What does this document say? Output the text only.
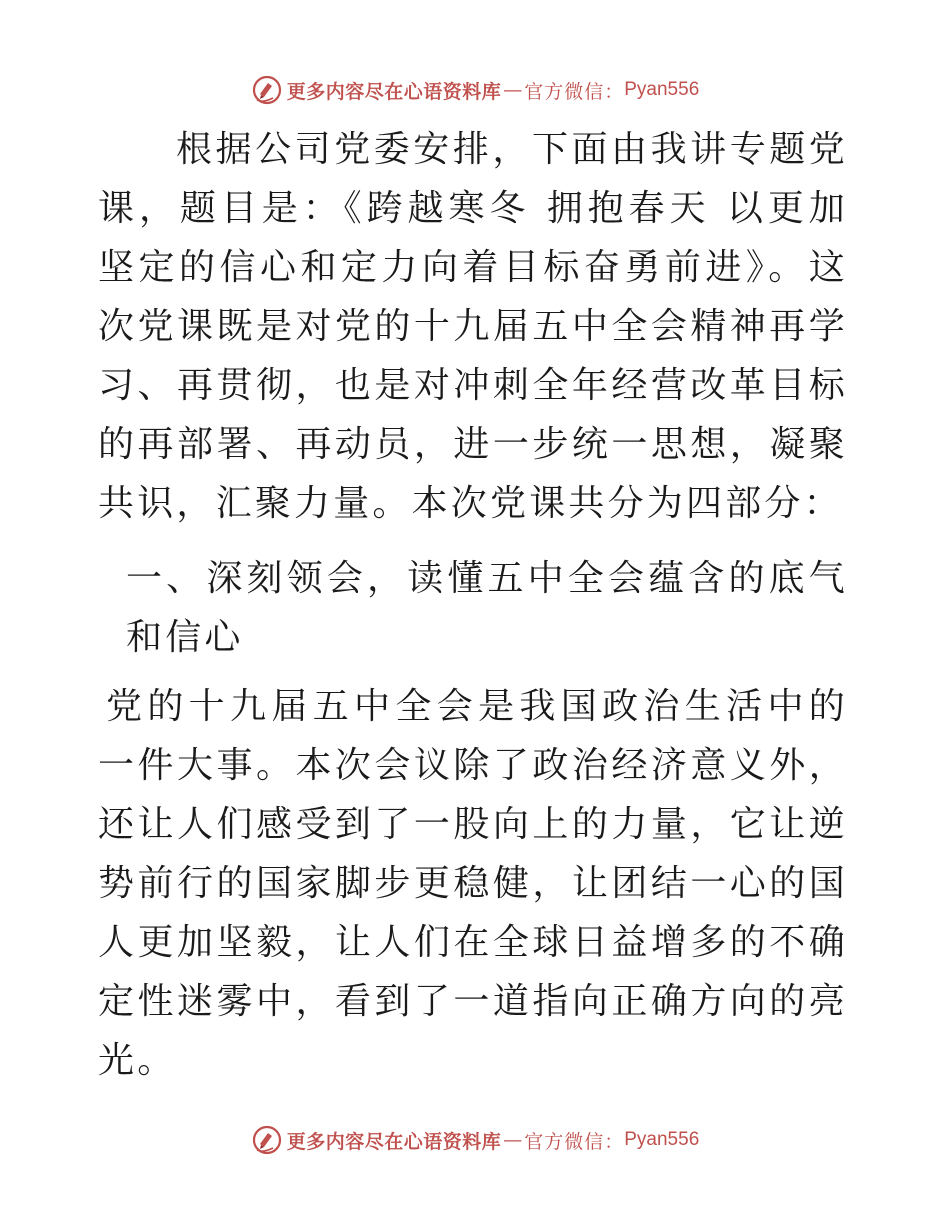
更多内容尽在心语资料库 — 官方微信： Pyan556

根据公司党委安排，下面由我讲专题党课，题目是：《跨越寒冬 拥抱春天 以更加坚定的信心和定力向着目标奋勇前进》。这次党课既是对党的十九届五中全会精神再学习、再贯彻，也是对冲刺全年经营改革目标的再部署、再动员，进一步统一思想，凝聚共识，汇聚力量。本次党课共分为四部分：

一、深刻领会，读懂五中全会蕴含的底气和信心

党的十九届五中全会是我国政治生活中的一件大事。本次会议除了政治经济意义外，还让人们感受到了一股向上的力量，它让逆势前行的国家脚步更稳健，让团结一心的国人更加坚毅，让人们在全球日益增多的不确定性迷雾中，看到了一道指向正确方向的亮光。

更多内容尽在心语资料库 — 官方微信： Pyan556
